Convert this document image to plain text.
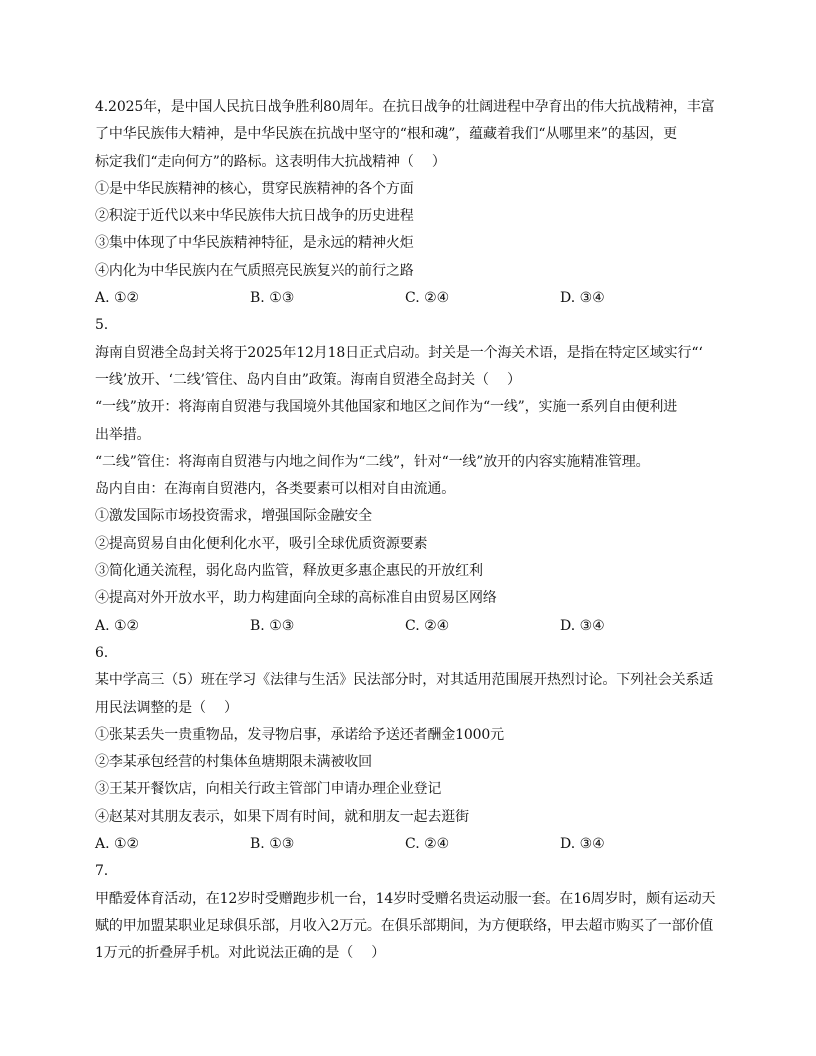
4.2025年，是中国人民抗日战争胜利80周年。在抗日战争的壮阔进程中孕育出的伟大抗战精神，丰富
了中华民族伟大精神，是中华民族在抗战中坚守的“根和魂”，蕴藏着我们“从哪里来”的基因，更
标定我们“走向何方”的路标。这表明伟大抗战精神（　 ）
①是中华民族精神的核心，贯穿民族精神的各个方面
②积淀于近代以来中华民族伟大抗日战争的历史进程
③集中体现了中华民族精神特征，是永远的精神火炬
④内化为中华民族内在气质照亮民族复兴的前行之路
A. ①②	B. ①③	C. ②④	D. ③④
5.
海南自贸港全岛封关将于2025年12月18日正式启动。封关是一个海关术语，是指在特定区域实行“‘
一线’放开、‘二线’管住、岛内自由”政策。海南自贸港全岛封关（　 ）
“一线”放开：将海南自贸港与我国境外其他国家和地区之间作为“一线”，实施一系列自由便利进
出举措。
“二线”管住：将海南自贸港与内地之间作为“二线”，针对“一线”放开的内容实施精准管理。
岛内自由：在海南自贸港内，各类要素可以相对自由流通。
①激发国际市场投资需求，增强国际金融安全
②提高贸易自由化便利化水平，吸引全球优质资源要素
③简化通关流程，弱化岛内监管，释放更多惠企惠民的开放红利
④提高对外开放水平，助力构建面向全球的高标准自由贸易区网络
A. ①②	B. ①③	C. ②④	D. ③④
6.
某中学高三（5）班在学习《法律与生活》民法部分时，对其适用范围展开热烈讨论。下列社会关系适
用民法调整的是（　 ）
①张某丢失一贵重物品，发寻物启事，承诺给予送还者酬金1000元
②李某承包经营的村集体鱼塘期限未满被收回
③王某开餐饮店，向相关行政主管部门申请办理企业登记
④赵某对其朋友表示，如果下周有时间，就和朋友一起去逛街
A. ①②	B. ①③	C. ②④	D. ③④
7.
甲酷爱体育活动，在12岁时受赠跑步机一台，14岁时受赠名贵运动服一套。在16周岁时，颇有运动天
赋的甲加盟某职业足球俱乐部，月收入2万元。在俱乐部期间，为方便联络，甲去超市购买了一部价值
1万元的折叠屏手机。对此说法正确的是（　 ）
